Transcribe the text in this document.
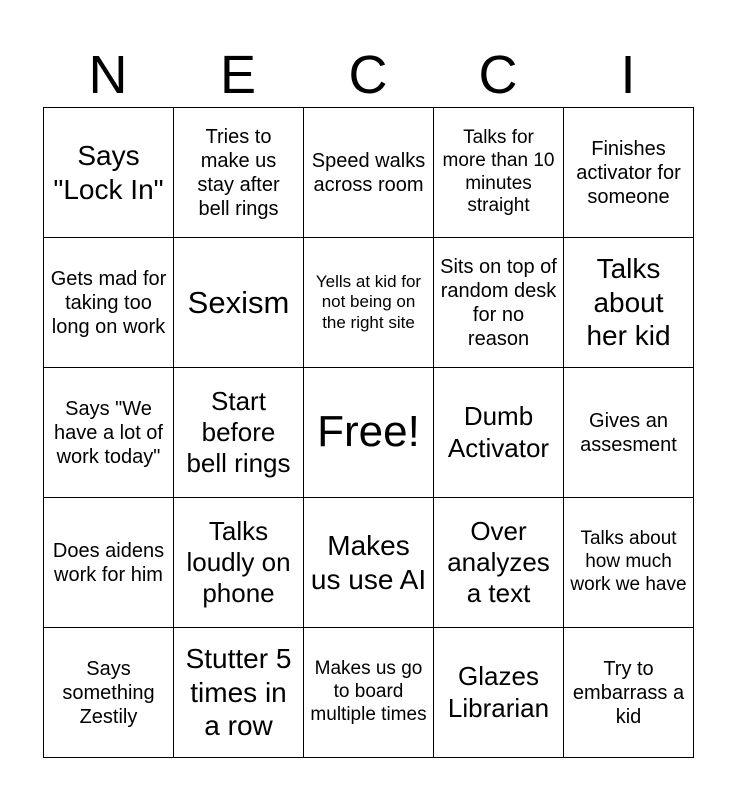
N	E	C	C	I
Says "Lock In"	Tries to make us stay after bell rings	Speed walks across room	Talks for more than 10 minutes straight	Finishes activator for someone
Gets mad for taking too long on work	Sexism	Yells at kid for not being on the right site	Sits on top of random desk for no reason	Talks about her kid
Says "We have a lot of work today"	Start before bell rings	Free!	Dumb Activator	Gives an assesment
Does aidens work for him	Talks loudly on phone	Makes us use AI	Over analyzes a text	Talks about how much work we have
Says something Zestily	Stutter 5 times in a row	Makes us go to board multiple times	Glazes Librarian	Try to embarrass a kid
